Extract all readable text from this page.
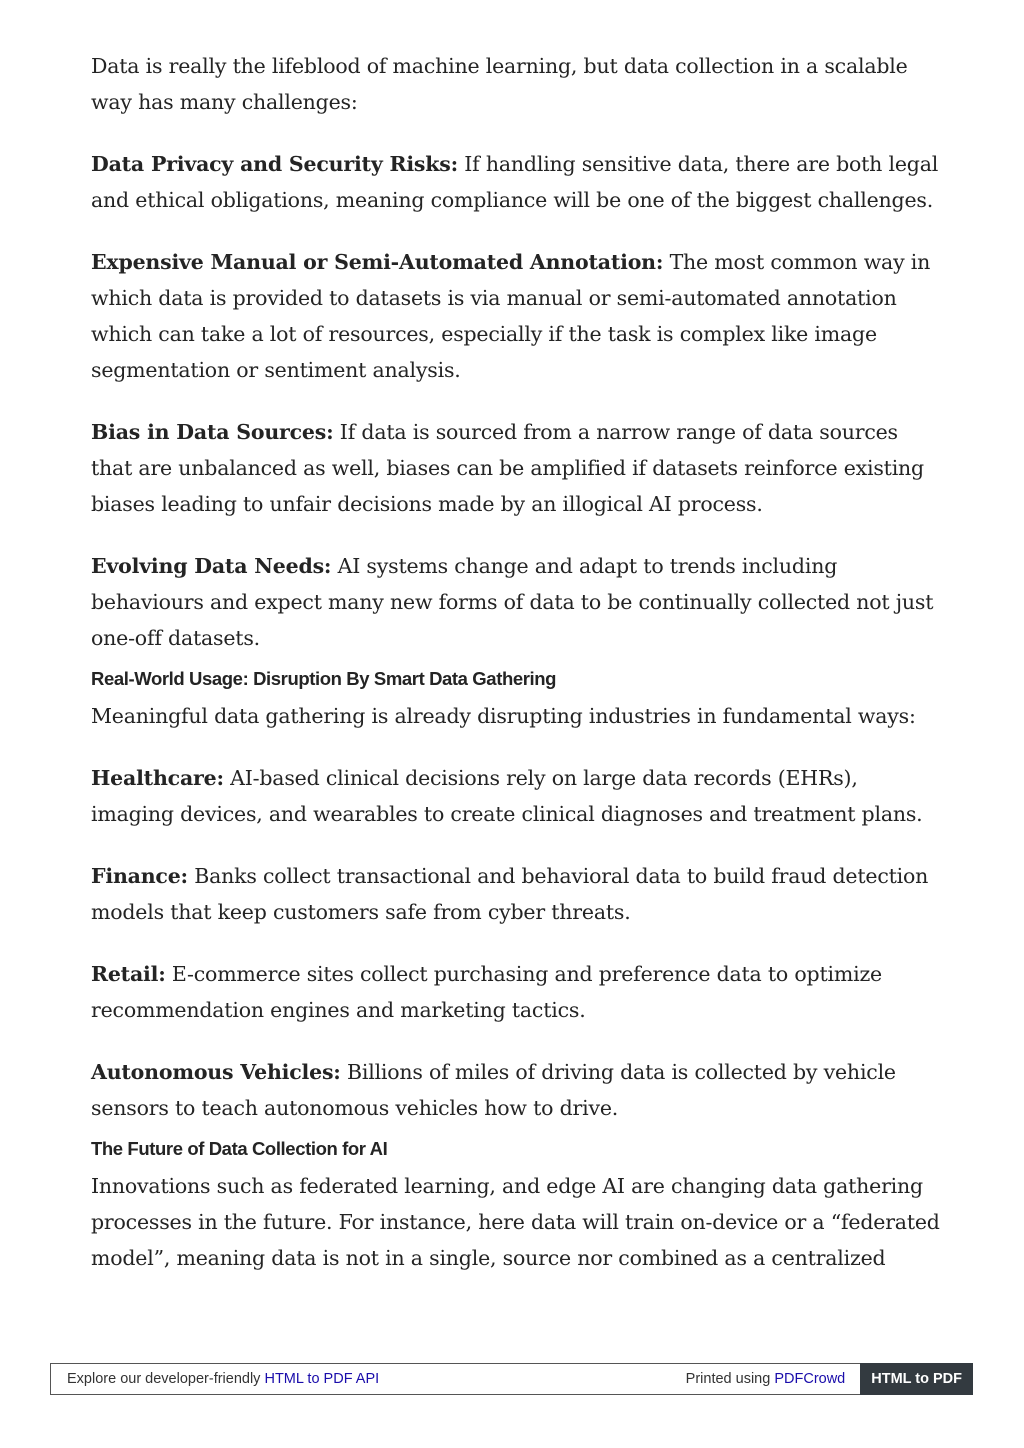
Data is really the lifeblood of machine learning, but data collection in a scalable way has many challenges:

Data Privacy and Security Risks: If handling sensitive data, there are both legal and ethical obligations, meaning compliance will be one of the biggest challenges.

Expensive Manual or Semi-Automated Annotation: The most common way in which data is provided to datasets is via manual or semi-automated annotation which can take a lot of resources, especially if the task is complex like image segmentation or sentiment analysis.

Bias in Data Sources: If data is sourced from a narrow range of data sources that are unbalanced as well, biases can be amplified if datasets reinforce existing biases leading to unfair decisions made by an illogical AI process.

Evolving Data Needs: AI systems change and adapt to trends including behaviours and expect many new forms of data to be continually collected not just one-off datasets.

Real-World Usage: Disruption By Smart Data Gathering

Meaningful data gathering is already disrupting industries in fundamental ways:

Healthcare: AI-based clinical decisions rely on large data records (EHRs), imaging devices, and wearables to create clinical diagnoses and treatment plans.

Finance: Banks collect transactional and behavioral data to build fraud detection models that keep customers safe from cyber threats.

Retail: E-commerce sites collect purchasing and preference data to optimize recommendation engines and marketing tactics.

Autonomous Vehicles: Billions of miles of driving data is collected by vehicle sensors to teach autonomous vehicles how to drive.

The Future of Data Collection for AI

Innovations such as federated learning, and edge AI are changing data gathering processes in the future. For instance, here data will train on-device or a “federated model”, meaning data is not in a single, source nor combined as a centralized

Explore our developer-friendly HTML to PDF API	Printed using PDFCrowd	HTML to PDF
